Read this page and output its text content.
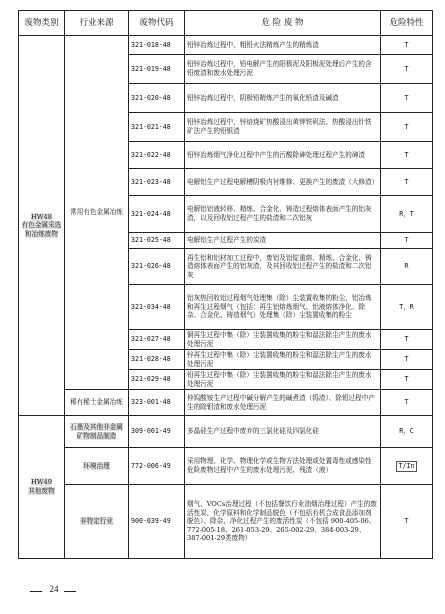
废物类别	行业来源	废物代码	危 险 废 物	危险特性
HW48
有色金属采选和冶炼废物	常用有色金属冶炼	321-018-48	铅锌冶炼过程中，粗铅火法精炼产生的精炼渣	T
		321-019-48	铅锌冶炼过程中，铅电解产生的阳极泥及阳极泥处理后产生的含铅废渣和废水处理污泥	T
		321-020-48	铅锌冶炼过程中，阴极铅精炼产生的氧化铅渣及碱渣	T
		321-021-48	铅锌冶炼过程中，锌焙烧矿热酸浸出黄钾铁矾法、热酸浸出针铁矿法产生的铅银渣	T
		321-022-48	铅锌冶炼烟气净化过程中产生的污酸除砷处理过程产生的砷渣	T
		321-023-48	电解铝生产过程电解槽阴极内衬维修、更换产生的废渣（大修渣）	T
		321-024-48	电解铝铝液转移、精炼、合金化、铸造过程熔体表面产生的铝灰渣，以及回收铝过程产生的盐渣和二次铝灰	R，T
		321-025-48	电解铝生产过程产生的炭渣	T
		321-026-48	再生铝和铝材加工过程中，废铝及铝锭重熔、精炼、合金化、铸造熔体表面产生的铝灰渣，及其回收铝过程产生的盐渣和二次铝灰	R
		321-034-48	铝灰热回收铝过程烟气处理集（除）尘装置收集的粉尘，铝冶炼和再生过程烟气（包括：再生铝熔炼烟气、铝液熔体净化、除杂、合金化、铸造烟气）处理集（除）尘装置收集的粉尘	T，R
		321-027-48	铜再生过程中集（除）尘装置收集的粉尘和湿法除尘产生的废水处理污泥	T
		321-028-48	锌再生过程中集（除）尘装置收集的粉尘和湿法除尘产生的废水处理污泥	T
		321-029-48	铅再生过程中集（除）尘装置收集的粉尘和湿法除尘产生的废水处理污泥	T
	稀有稀土金属冶炼	323-001-48	仲钨酸铵生产过程中碱分解产生的碱煮渣（钨渣）、除钼过程中产生的除钼渣和废水处理污泥	T
HW49
其他废物	石墨及其他非金属矿物制品制造	309-001-49	多晶硅生产过程中废弃的三氯化硅及四氯化硅	R，C
	环境治理	772-006-49	采用物理、化学、物理化学或生物方法处理或处置毒性或感染性危险废物过程中产生的废水处理污泥、残渣（液）	T/In
	非特定行业	900-039-49	烟气、VOCs治理过程（不包括餐饮行业油烟治理过程）产生的废活性炭，化学原料和化学制品脱色（不包括有机合成食品添加剂脱色）、除杂、净化过程产生的废活性炭（不包括 900-405-06、772-005-18、261-053-29、265-002-29、384-003-29、387-001-29类废物）	T
24
